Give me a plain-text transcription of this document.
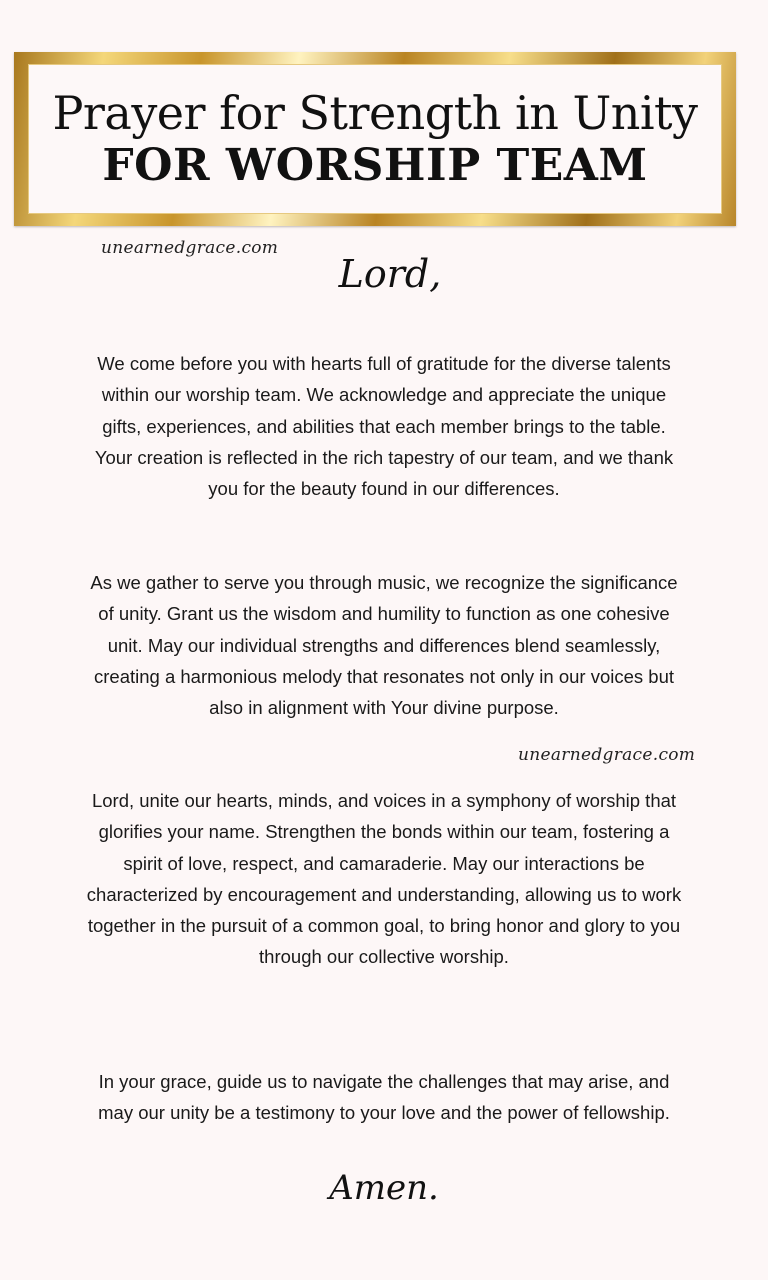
Prayer for Strength in Unity
FOR WORSHIP TEAM
unearnedgrace.com
Lord,
We come before you with hearts full of gratitude for the diverse talents within our worship team. We acknowledge and appreciate the unique gifts, experiences, and abilities that each member brings to the table. Your creation is reflected in the rich tapestry of our team, and we thank you for the beauty found in our differences.
As we gather to serve you through music, we recognize the significance of unity. Grant us the wisdom and humility to function as one cohesive unit. May our individual strengths and differences blend seamlessly, creating a harmonious melody that resonates not only in our voices but also in alignment with Your divine purpose.
unearnedgrace.com
Lord, unite our hearts, minds, and voices in a symphony of worship that glorifies your name. Strengthen the bonds within our team, fostering a spirit of love, respect, and camaraderie. May our interactions be characterized by encouragement and understanding, allowing us to work together in the pursuit of a common goal, to bring honor and glory to you through our collective worship.
In your grace, guide us to navigate the challenges that may arise, and may our unity be a testimony to your love and the power of fellowship.
Amen.
